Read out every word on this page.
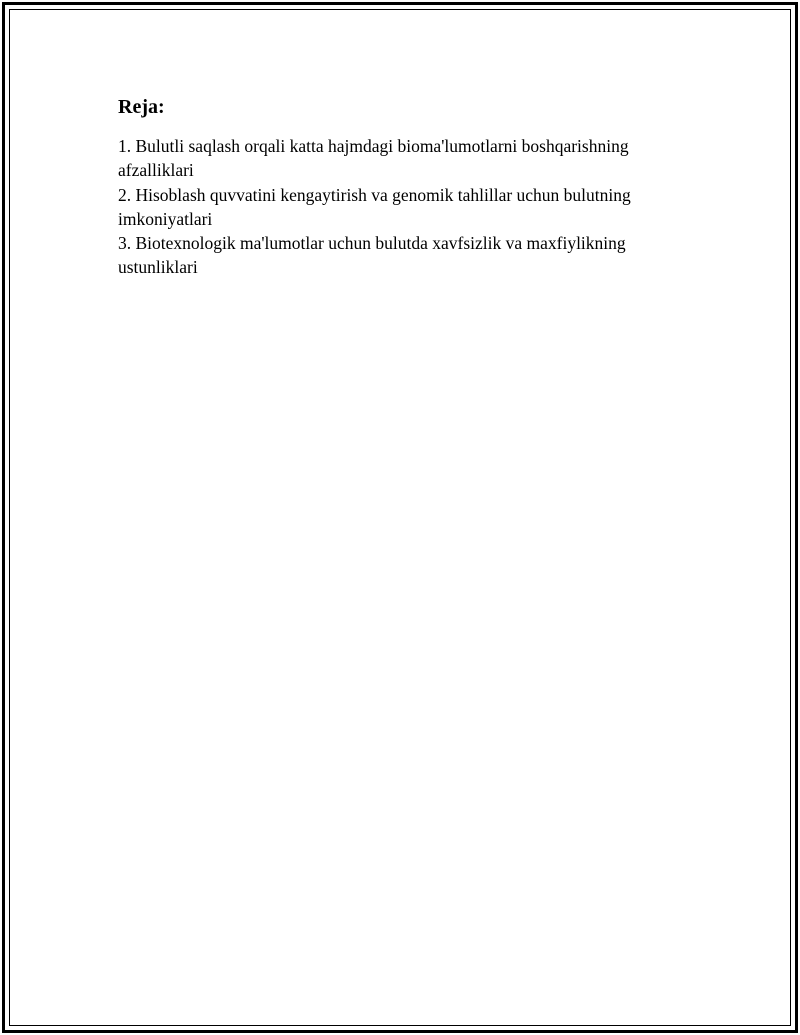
Reja:
1. Bulutli saqlash orqali katta hajmdagi bioma'lumotlarni boshqarishning afzalliklari
2. Hisoblash quvvatini kengaytirish va genomik tahlillar uchun bulutning imkoniyatlari
3. Biotexnologik ma'lumotlar uchun bulutda xavfsizlik va maxfiylikning ustunliklari
